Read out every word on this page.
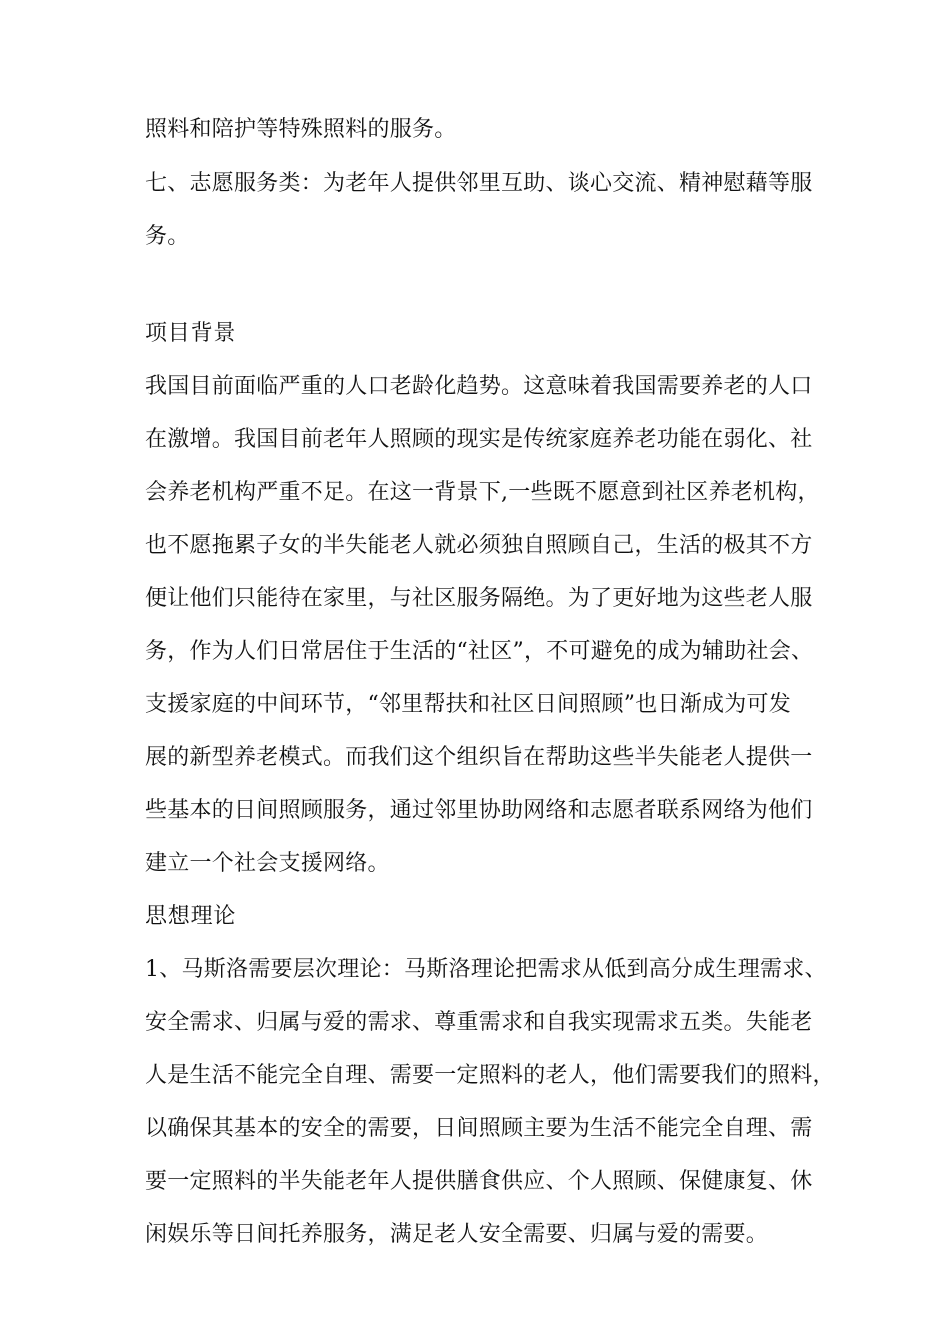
照料和陪护等特殊照料的服务。
七、志愿服务类：为老年人提供邻里互助、谈心交流、精神慰藉等服
务。
项目背景
我国目前面临严重的人口老龄化趋势。这意味着我国需要养老的人口
在激增。我国目前老年人照顾的现实是传统家庭养老功能在弱化、社
会养老机构严重不足。在这一背景下,一些既不愿意到社区养老机构，
也不愿拖累子女的半失能老人就必须独自照顾自己，生活的极其不方
便让他们只能待在家里，与社区服务隔绝。为了更好地为这些老人服
务，作为人们日常居住于生活的“社区”，不可避免的成为辅助社会、
支援家庭的中间环节，“邻里帮扶和社区日间照顾”也日渐成为可发
展的新型养老模式。而我们这个组织旨在帮助这些半失能老人提供一
些基本的日间照顾服务，通过邻里协助网络和志愿者联系网络为他们
建立一个社会支援网络。
思想理论
1、马斯洛需要层次理论：马斯洛理论把需求从低到高分成生理需求、
安全需求、归属与爱的需求、尊重需求和自我实现需求五类。失能老
人是生活不能完全自理、需要一定照料的老人，他们需要我们的照料，
以确保其基本的安全的需要，日间照顾主要为生活不能完全自理、需
要一定照料的半失能老年人提供膳食供应、个人照顾、保健康复、休
闲娱乐等日间托养服务，满足老人安全需要、归属与爱的需要。
